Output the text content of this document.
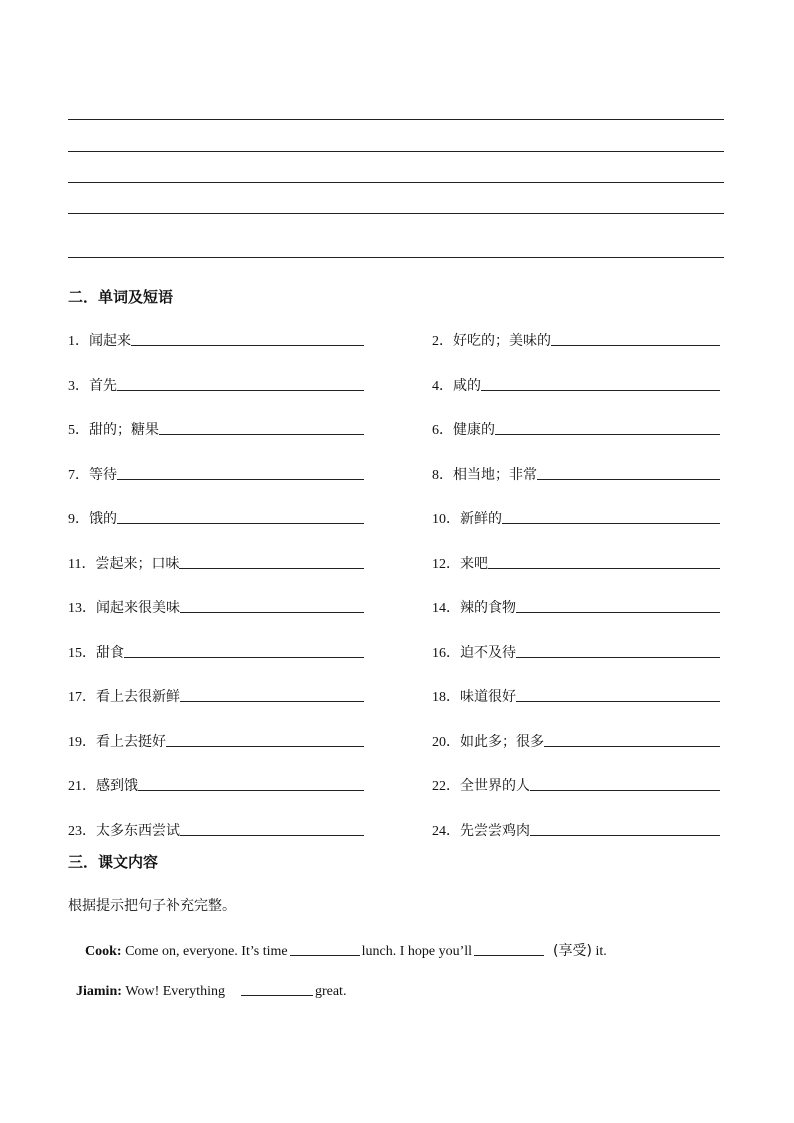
二．单词及短语
1． 闻起来	2． 好吃的；美味的
3． 首先	4． 咸的
5． 甜的；糖果	6． 健康的
7． 等待	8． 相当地；非常
9． 饿的	10． 新鲜的
11． 尝起来；口味	12． 来吧
13． 闻起来很美味	14． 辣的食物
15． 甜食	16． 迫不及待
17． 看上去很新鲜	18． 味道很好
19． 看上去挺好	20． 如此多；很多
21． 感到饿	22． 全世界的人
23． 太多东西尝试	24． 先尝尝鸡肉
三．课文内容
根据提示把句子补充完整。
Cook:
Come on, everyone. It’s time	lunch. I hope you’ll
	(享受)
it.
Jiamin:
Wow! Everything
	great.
